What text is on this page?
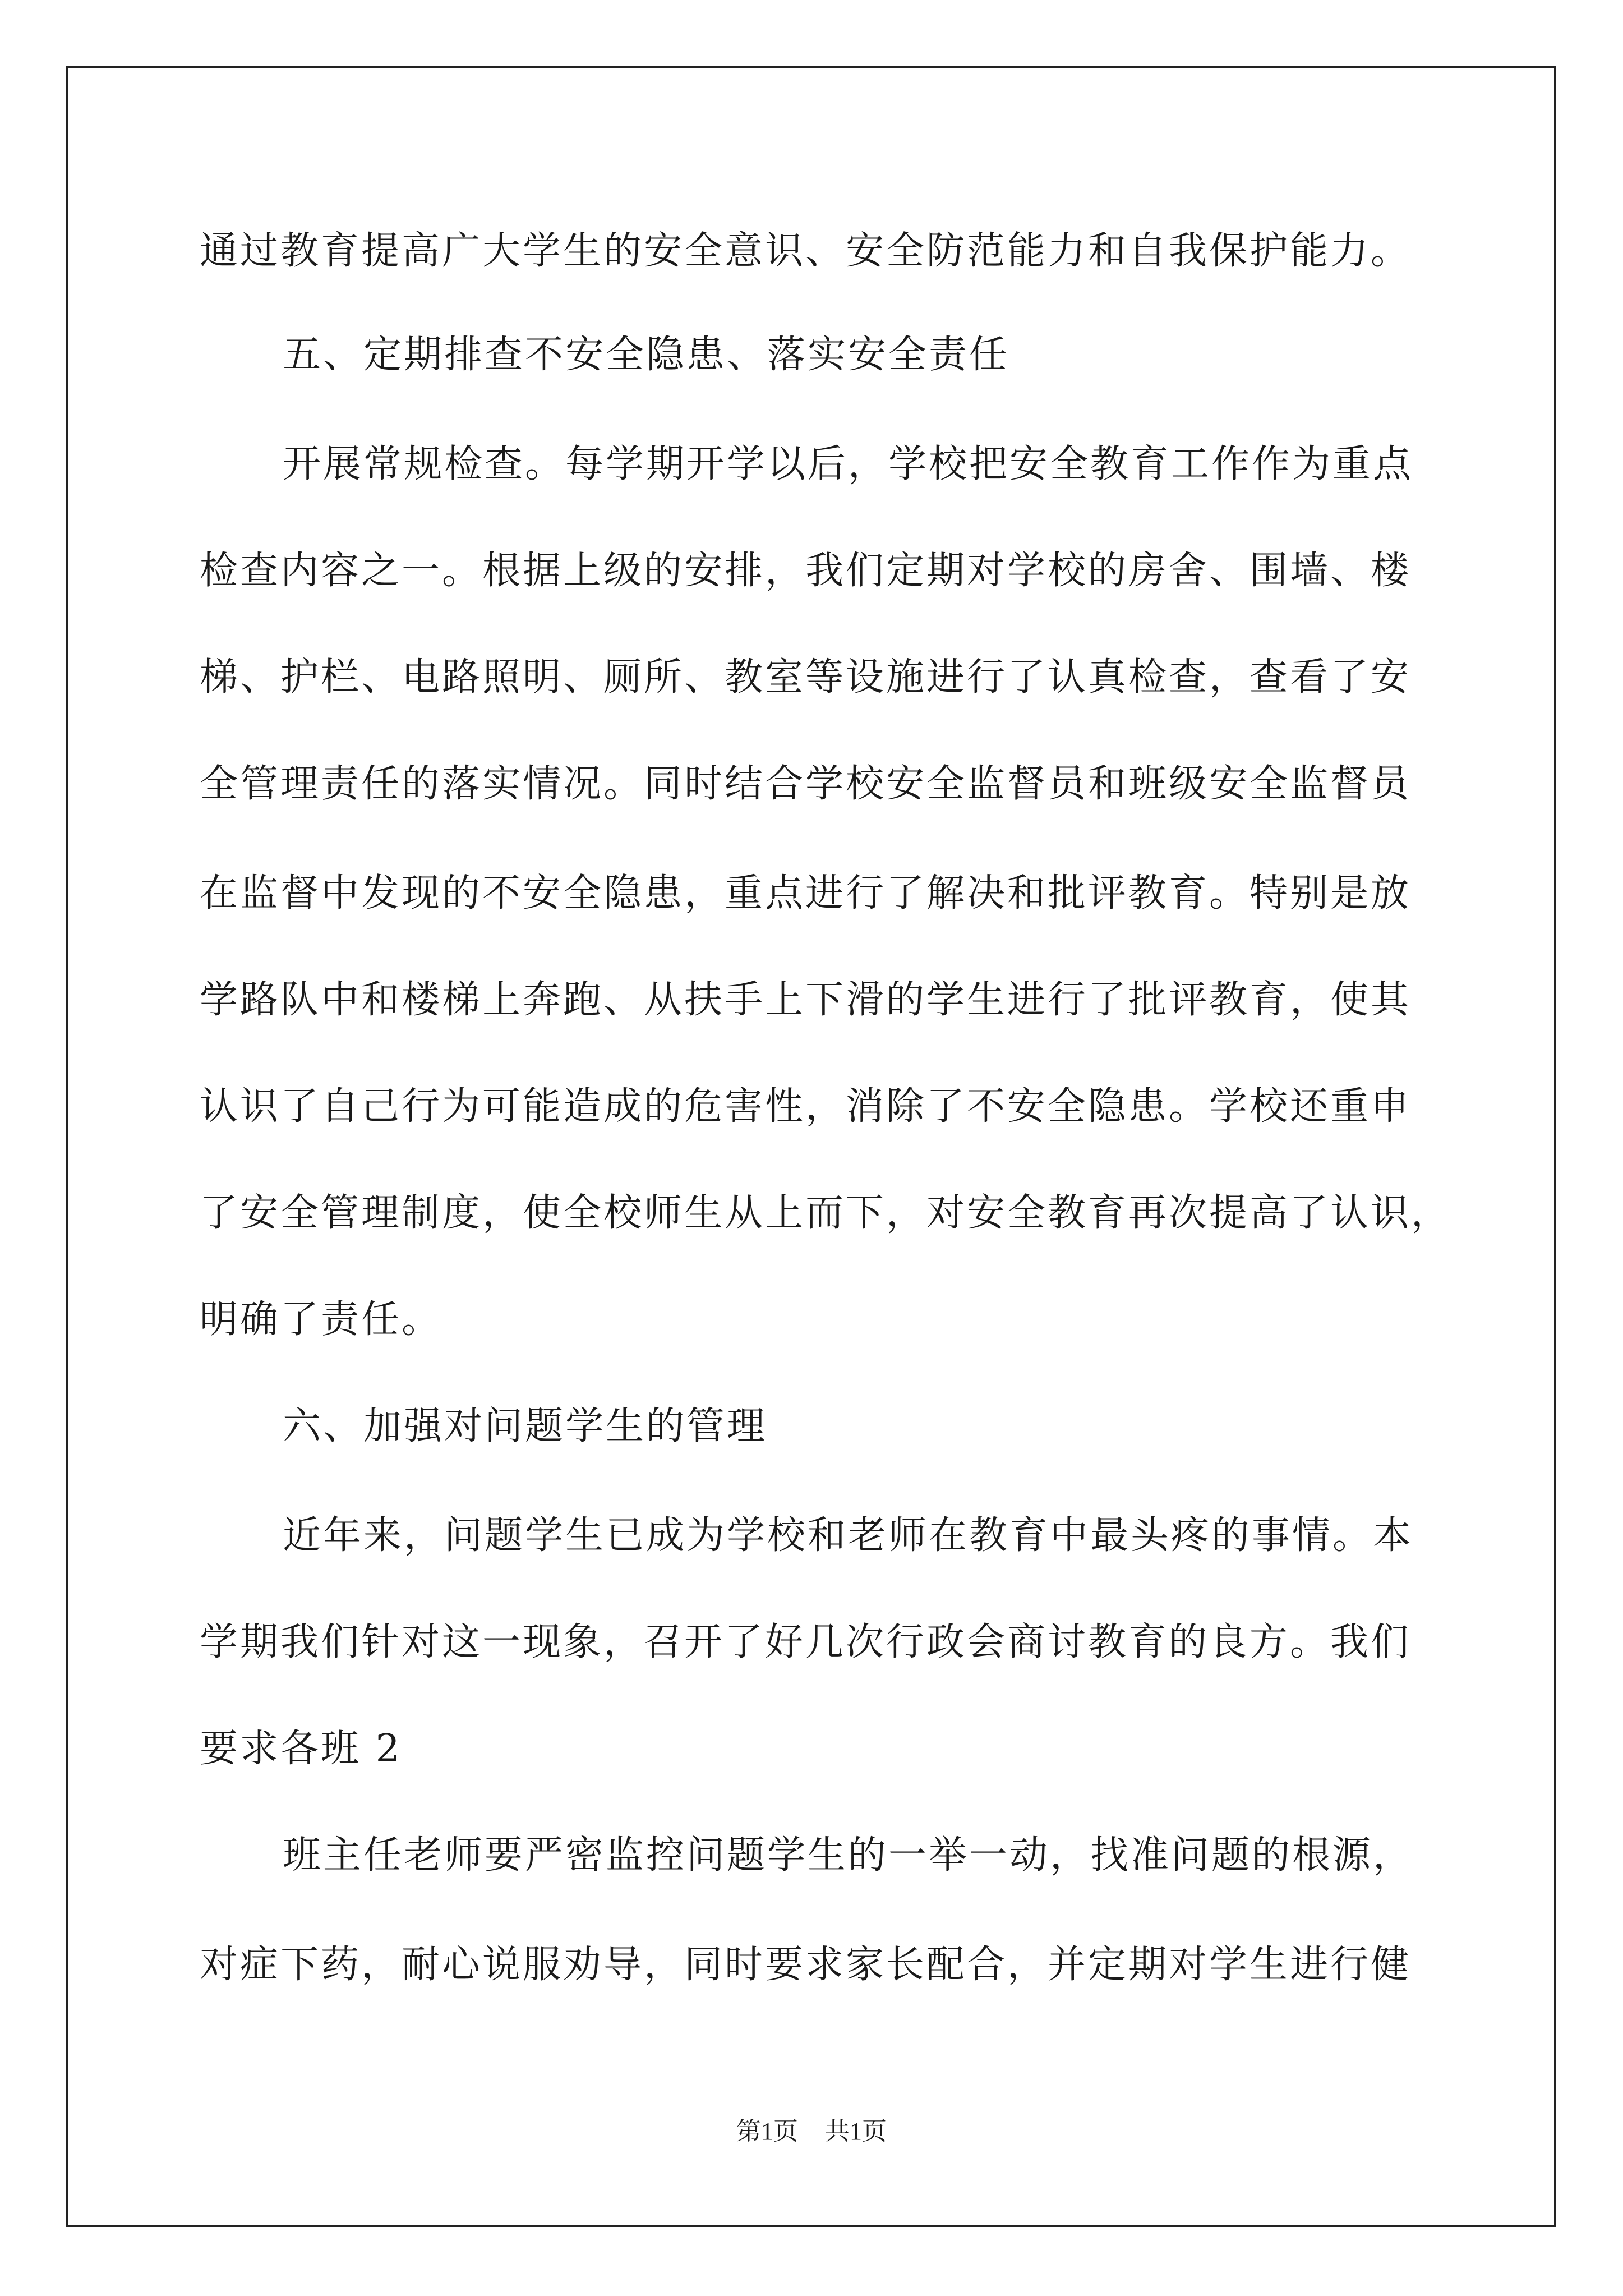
通过教育提高广大学生的安全意识、安全防范能力和自我保护能力。
五、定期排查不安全隐患、落实安全责任
开展常规检查。每学期开学以后，学校把安全教育工作作为重点
检查内容之一。根据上级的安排，我们定期对学校的房舍、围墙、楼
梯、护栏、电路照明、厕所、教室等设施进行了认真检查，查看了安
全管理责任的落实情况。同时结合学校安全监督员和班级安全监督员
在监督中发现的不安全隐患，重点进行了解决和批评教育。特别是放
学路队中和楼梯上奔跑、从扶手上下滑的学生进行了批评教育，使其
认识了自己行为可能造成的危害性，消除了不安全隐患。学校还重申
了安全管理制度，使全校师生从上而下，对安全教育再次提高了认识，
明确了责任。
六、加强对问题学生的管理
近年来，问题学生已成为学校和老师在教育中最头疼的事情。本
学期我们针对这一现象，召开了好几次行政会商讨教育的良方。我们
要求各班 2
班主任老师要严密监控问题学生的一举一动，找准问题的根源，
对症下药，耐心说服劝导，同时要求家长配合，并定期对学生进行健
第1页 共1页
